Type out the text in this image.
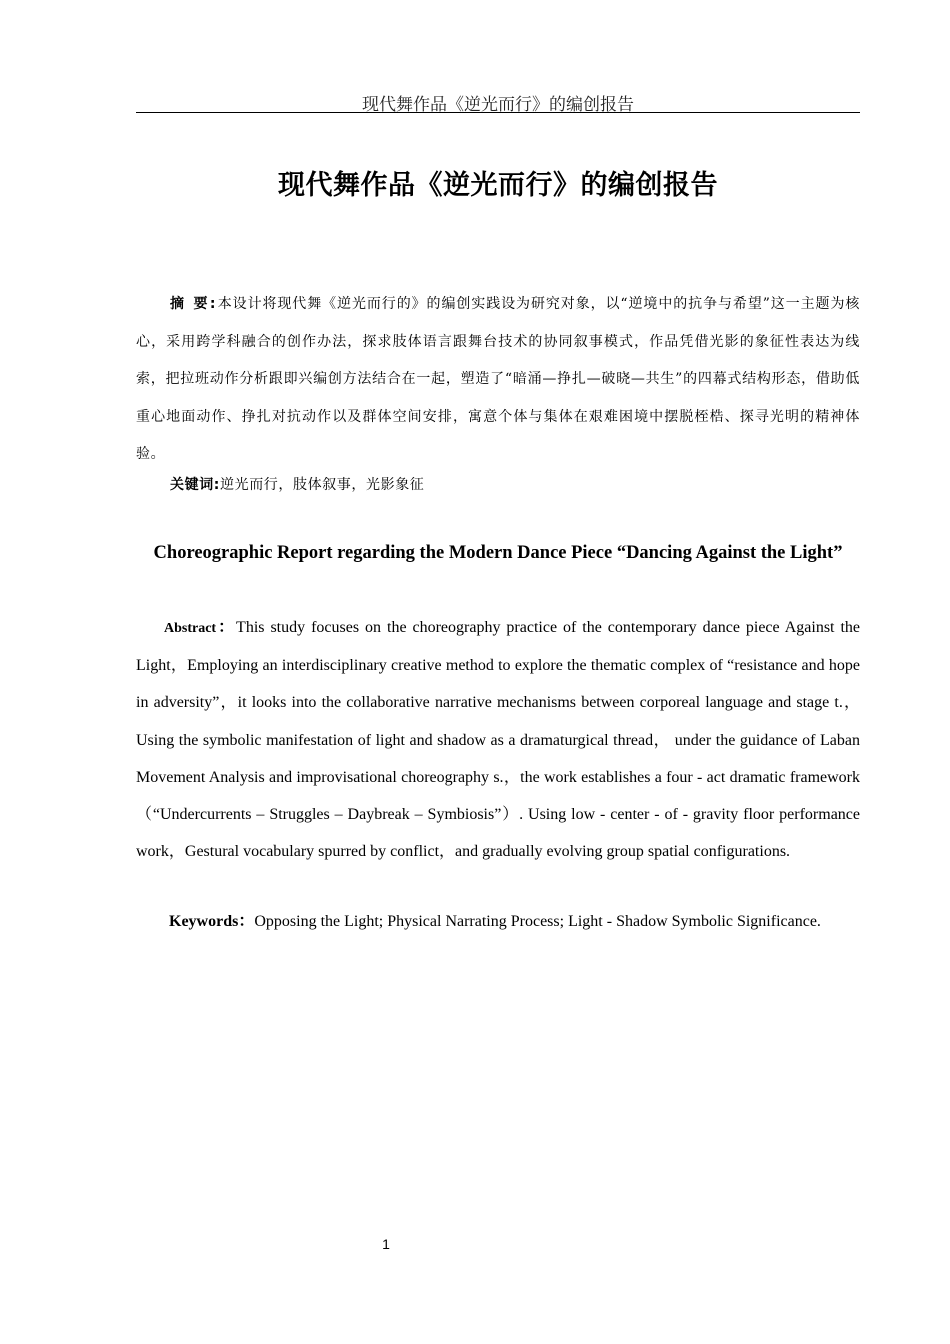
现代舞作品《逆光而行》的编创报告
现代舞作品《逆光而行》的编创报告
摘 要:本设计将现代舞《逆光而行的》的编创实践设为研究对象，以“逆境中的抗争与希望”这一主题为核心，采用跨学科融合的创作办法，探求肢体语言跟舞台技术的协同叙事模式，作品凭借光影的象征性表达为线索，把拉班动作分析跟即兴编创方法结合在一起，塑造了“暗涌—挣扎—破晓—共生”的四幕式结构形态，借助低重心地面动作、挣扎对抗动作以及群体空间安排，寓意个体与集体在艰难困境中摆脱桎梏、探寻光明的精神体验。
关键词:逆光而行，肢体叙事，光影象征
Choreographic Report regarding the Modern Dance Piece “Dancing Against the Light”
Abstract：This study focuses on the choreography practice of the contemporary dance piece Against the Light，Employing an interdisciplinary creative method to explore the thematic complex of “resistance and hope in adversity”，it looks into the collaborative narrative mechanisms between corporeal language and stage t.，Using the symbolic manifestation of light and shadow as a dramaturgical thread， under the guidance of Laban Movement Analysis and improvisational choreography s.，the work establishes a four - act dramatic framework（“Undercurrents – Struggles – Daybreak – Symbiosis”）. Using low - center - of - gravity floor performance work，Gestural vocabulary spurred by conflict，and gradually evolving group spatial configurations.
Keywords：Opposing the Light; Physical Narrating Process; Light - Shadow Symbolic Significance.
1
